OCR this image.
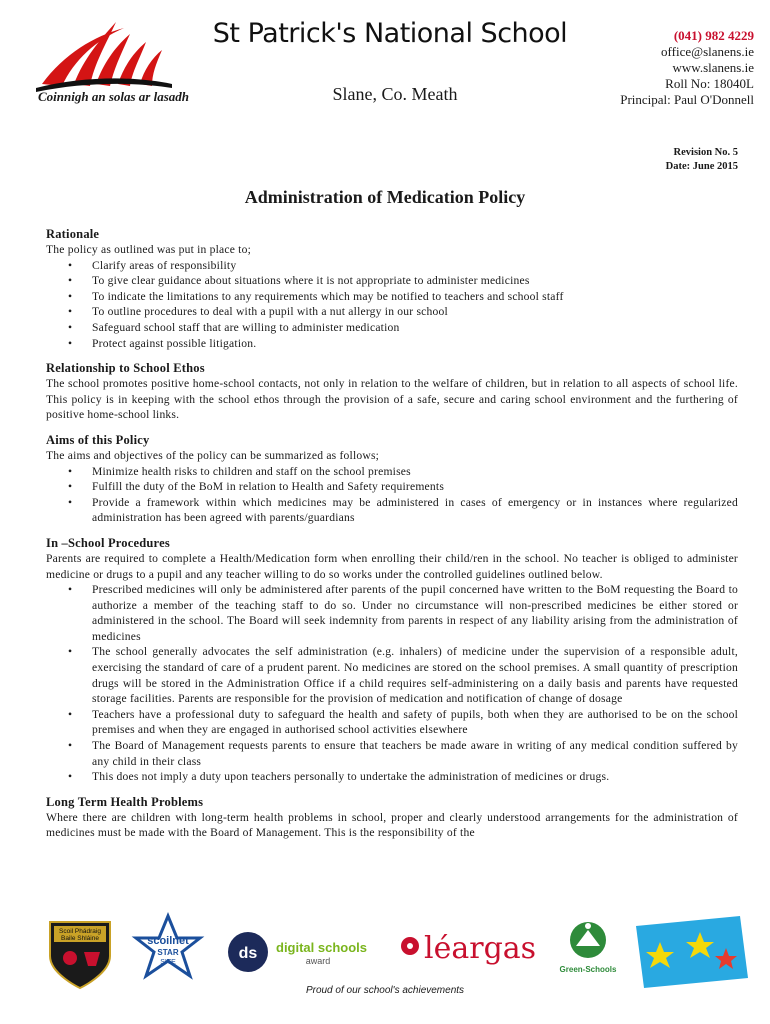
Coinnigh an solas ar lasadh
St Patrick's National School
Slane, Co. Meath
(041) 982 4229
office@slanens.ie
www.slanens.ie
Roll No: 18040L
Principal: Paul O'Donnell
Revision No. 5
Date: June 2015
Administration of Medication Policy
Rationale

The policy as outlined was put in place to;

• Clarify areas of responsibility
• To give clear guidance about situations where it is not appropriate to administer medicines
• To indicate the limitations to any requirements which may be notified to teachers and school staff
• To outline procedures to deal with a pupil with a nut allergy in our school
• Safeguard school staff that are willing to administer medication
• Protect against possible litigation.
Relationship to School Ethos

The school promotes positive home-school contacts, not only in relation to the welfare of children, but in relation to all aspects of school life. This policy is in keeping with the school ethos through the provision of a safe, secure and caring school environment and the furthering of positive home-school links.

Aims of this Policy

The aims and objectives of the policy can be summarized as follows;

• Minimize health risks to children and staff on the school premises
• Fulfill the duty of the BoM in relation to Health and Safety requirements
• Provide a framework within which medicines may be administered in cases of emergency or in instances where regularized administration has been agreed with parents/guardians
In –School Procedures

Parents are required to complete a Health/Medication form when enrolling their child/ren in the school. No teacher is obliged to administer medicine or drugs to a pupil and any teacher willing to do so works under the controlled guidelines outlined below.

• Prescribed medicines will only be administered after parents of the pupil concerned have written to the BoM requesting the Board to authorize a member of the teaching staff to do so. Under no circumstance will non-prescribed medicines be either stored or administered in the school. The Board will seek indemnity from parents in respect of any liability arising from the administration of medicines
• The school generally advocates the self administration (e.g. inhalers) of medicine under the supervision of a responsible adult, exercising the standard of care of a prudent parent. No medicines are stored on the school premises. A small quantity of prescription drugs will be stored in the Administration Office if a child requires self-administering on a daily basis and parents have requested storage facilities. Parents are responsible for the provision of medication and notification of change of dosage
• Teachers have a professional duty to safeguard the health and safety of pupils, both when they are authorised to be on the school premises and when they are engaged in authorised school activities elsewhere
• The Board of Management requests parents to ensure that teachers be made aware in writing of any medical condition suffered by any child in their class
• This does not imply a duty upon teachers personally to undertake the administration of medicines or drugs.
Long Term Health Problems

Where there are children with long-term health problems in school, proper and clearly understood arrangements for the administration of medicines must be made with the Board of Management. This is the responsibility of the

Scoil Phádraig
Baile Shláine	scoilnet
STAR
SITE
ds digital schools
award	léargas
Green-Schools
Proud of our school's achievements
